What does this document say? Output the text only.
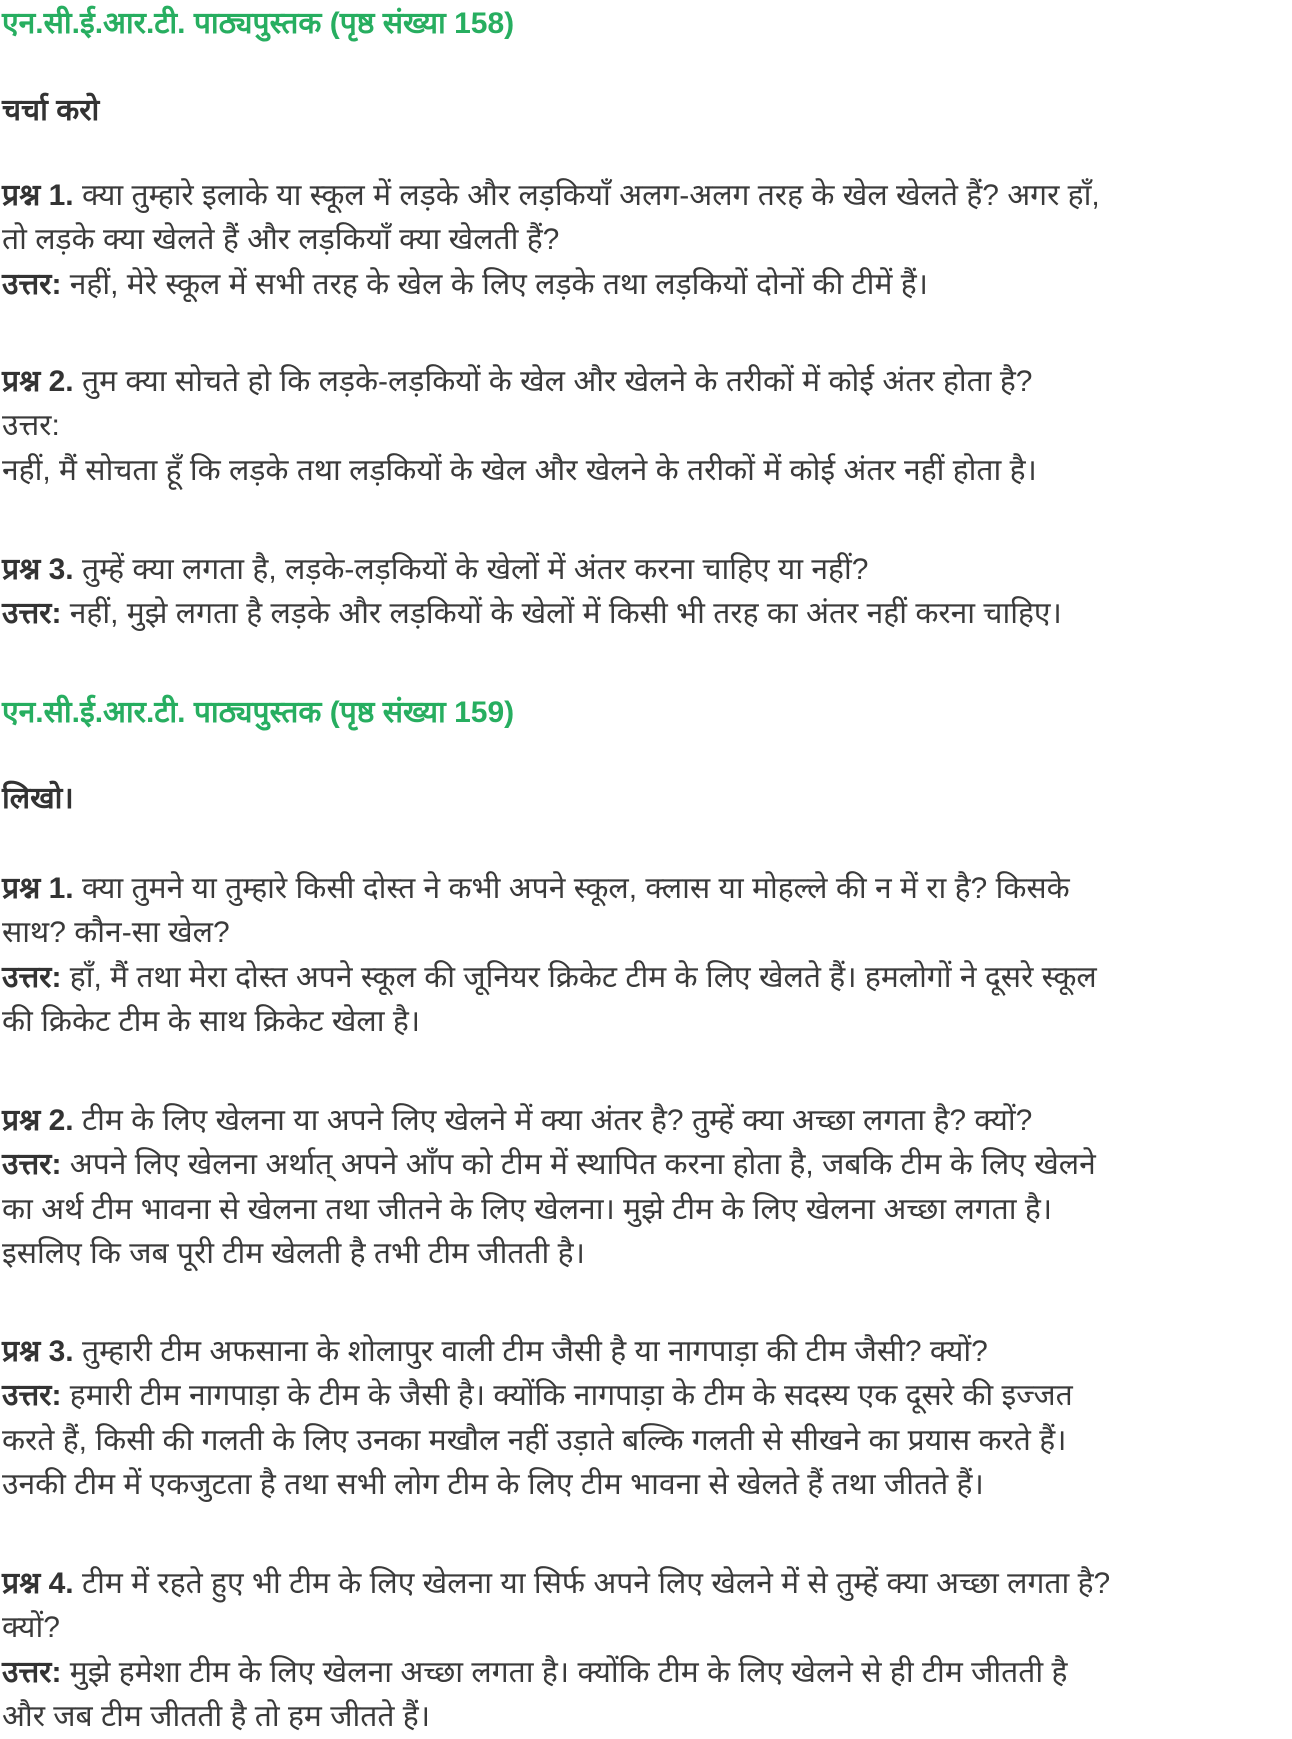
एन.सी.ई.आर.टी. पाठ्यपुस्तक (पृष्ठ संख्या 158)
चर्चा करो
प्रश्न 1. क्या तुम्हारे इलाके या स्कूल में लड़के और लड़कियाँ अलग-अलग तरह के खेल खेलते हैं? अगर हाँ,
तो लड़के क्या खेलते हैं और लड़कियाँ क्या खेलती हैं?
उत्तर: नहीं, मेरे स्कूल में सभी तरह के खेल के लिए लड़के तथा लड़कियों दोनों की टीमें हैं।
प्रश्न 2. तुम क्या सोचते हो कि लड़के-लड़कियों के खेल और खेलने के तरीकों में कोई अंतर होता है?
उत्तर:
नहीं, मैं सोचता हूँ कि लड़के तथा लड़कियों के खेल और खेलने के तरीकों में कोई अंतर नहीं होता है।
प्रश्न 3. तुम्हें क्या लगता है, लड़के-लड़कियों के खेलों में अंतर करना चाहिए या नहीं?
उत्तर: नहीं, मुझे लगता है लड़के और लड़कियों के खेलों में किसी भी तरह का अंतर नहीं करना चाहिए।
एन.सी.ई.आर.टी. पाठ्यपुस्तक (पृष्ठ संख्या 159)
लिखो।
प्रश्न 1. क्या तुमने या तुम्हारे किसी दोस्त ने कभी अपने स्कूल, क्लास या मोहल्ले की न में रा है? किसके
साथ? कौन-सा खेल?
उत्तर: हाँ, मैं तथा मेरा दोस्त अपने स्कूल की जूनियर क्रिकेट टीम के लिए खेलते हैं। हमलोगों ने दूसरे स्कूल
की क्रिकेट टीम के साथ क्रिकेट खेला है।
प्रश्न 2. टीम के लिए खेलना या अपने लिए खेलने में क्या अंतर है? तुम्हें क्या अच्छा लगता है? क्यों?
उत्तर: अपने लिए खेलना अर्थात् अपने आँप को टीम में स्थापित करना होता है, जबकि टीम के लिए खेलने
का अर्थ टीम भावना से खेलना तथा जीतने के लिए खेलना। मुझे टीम के लिए खेलना अच्छा लगता है।
इसलिए कि जब पूरी टीम खेलती है तभी टीम जीतती है।
प्रश्न 3. तुम्हारी टीम अफसाना के शोलापुर वाली टीम जैसी है या नागपाड़ा की टीम जैसी? क्यों?
उत्तर: हमारी टीम नागपाड़ा के टीम के जैसी है। क्योंकि नागपाड़ा के टीम के सदस्य एक दूसरे की इज्जत
करते हैं, किसी की गलती के लिए उनका मखौल नहीं उड़ाते बल्कि गलती से सीखने का प्रयास करते हैं।
उनकी टीम में एकजुटता है तथा सभी लोग टीम के लिए टीम भावना से खेलते हैं तथा जीतते हैं।
प्रश्न 4. टीम में रहते हुए भी टीम के लिए खेलना या सिर्फ अपने लिए खेलने में से तुम्हें क्या अच्छा लगता है?
क्यों?
उत्तर: मुझे हमेशा टीम के लिए खेलना अच्छा लगता है। क्योंकि टीम के लिए खेलने से ही टीम जीतती है
और जब टीम जीतती है तो हम जीतते हैं।
